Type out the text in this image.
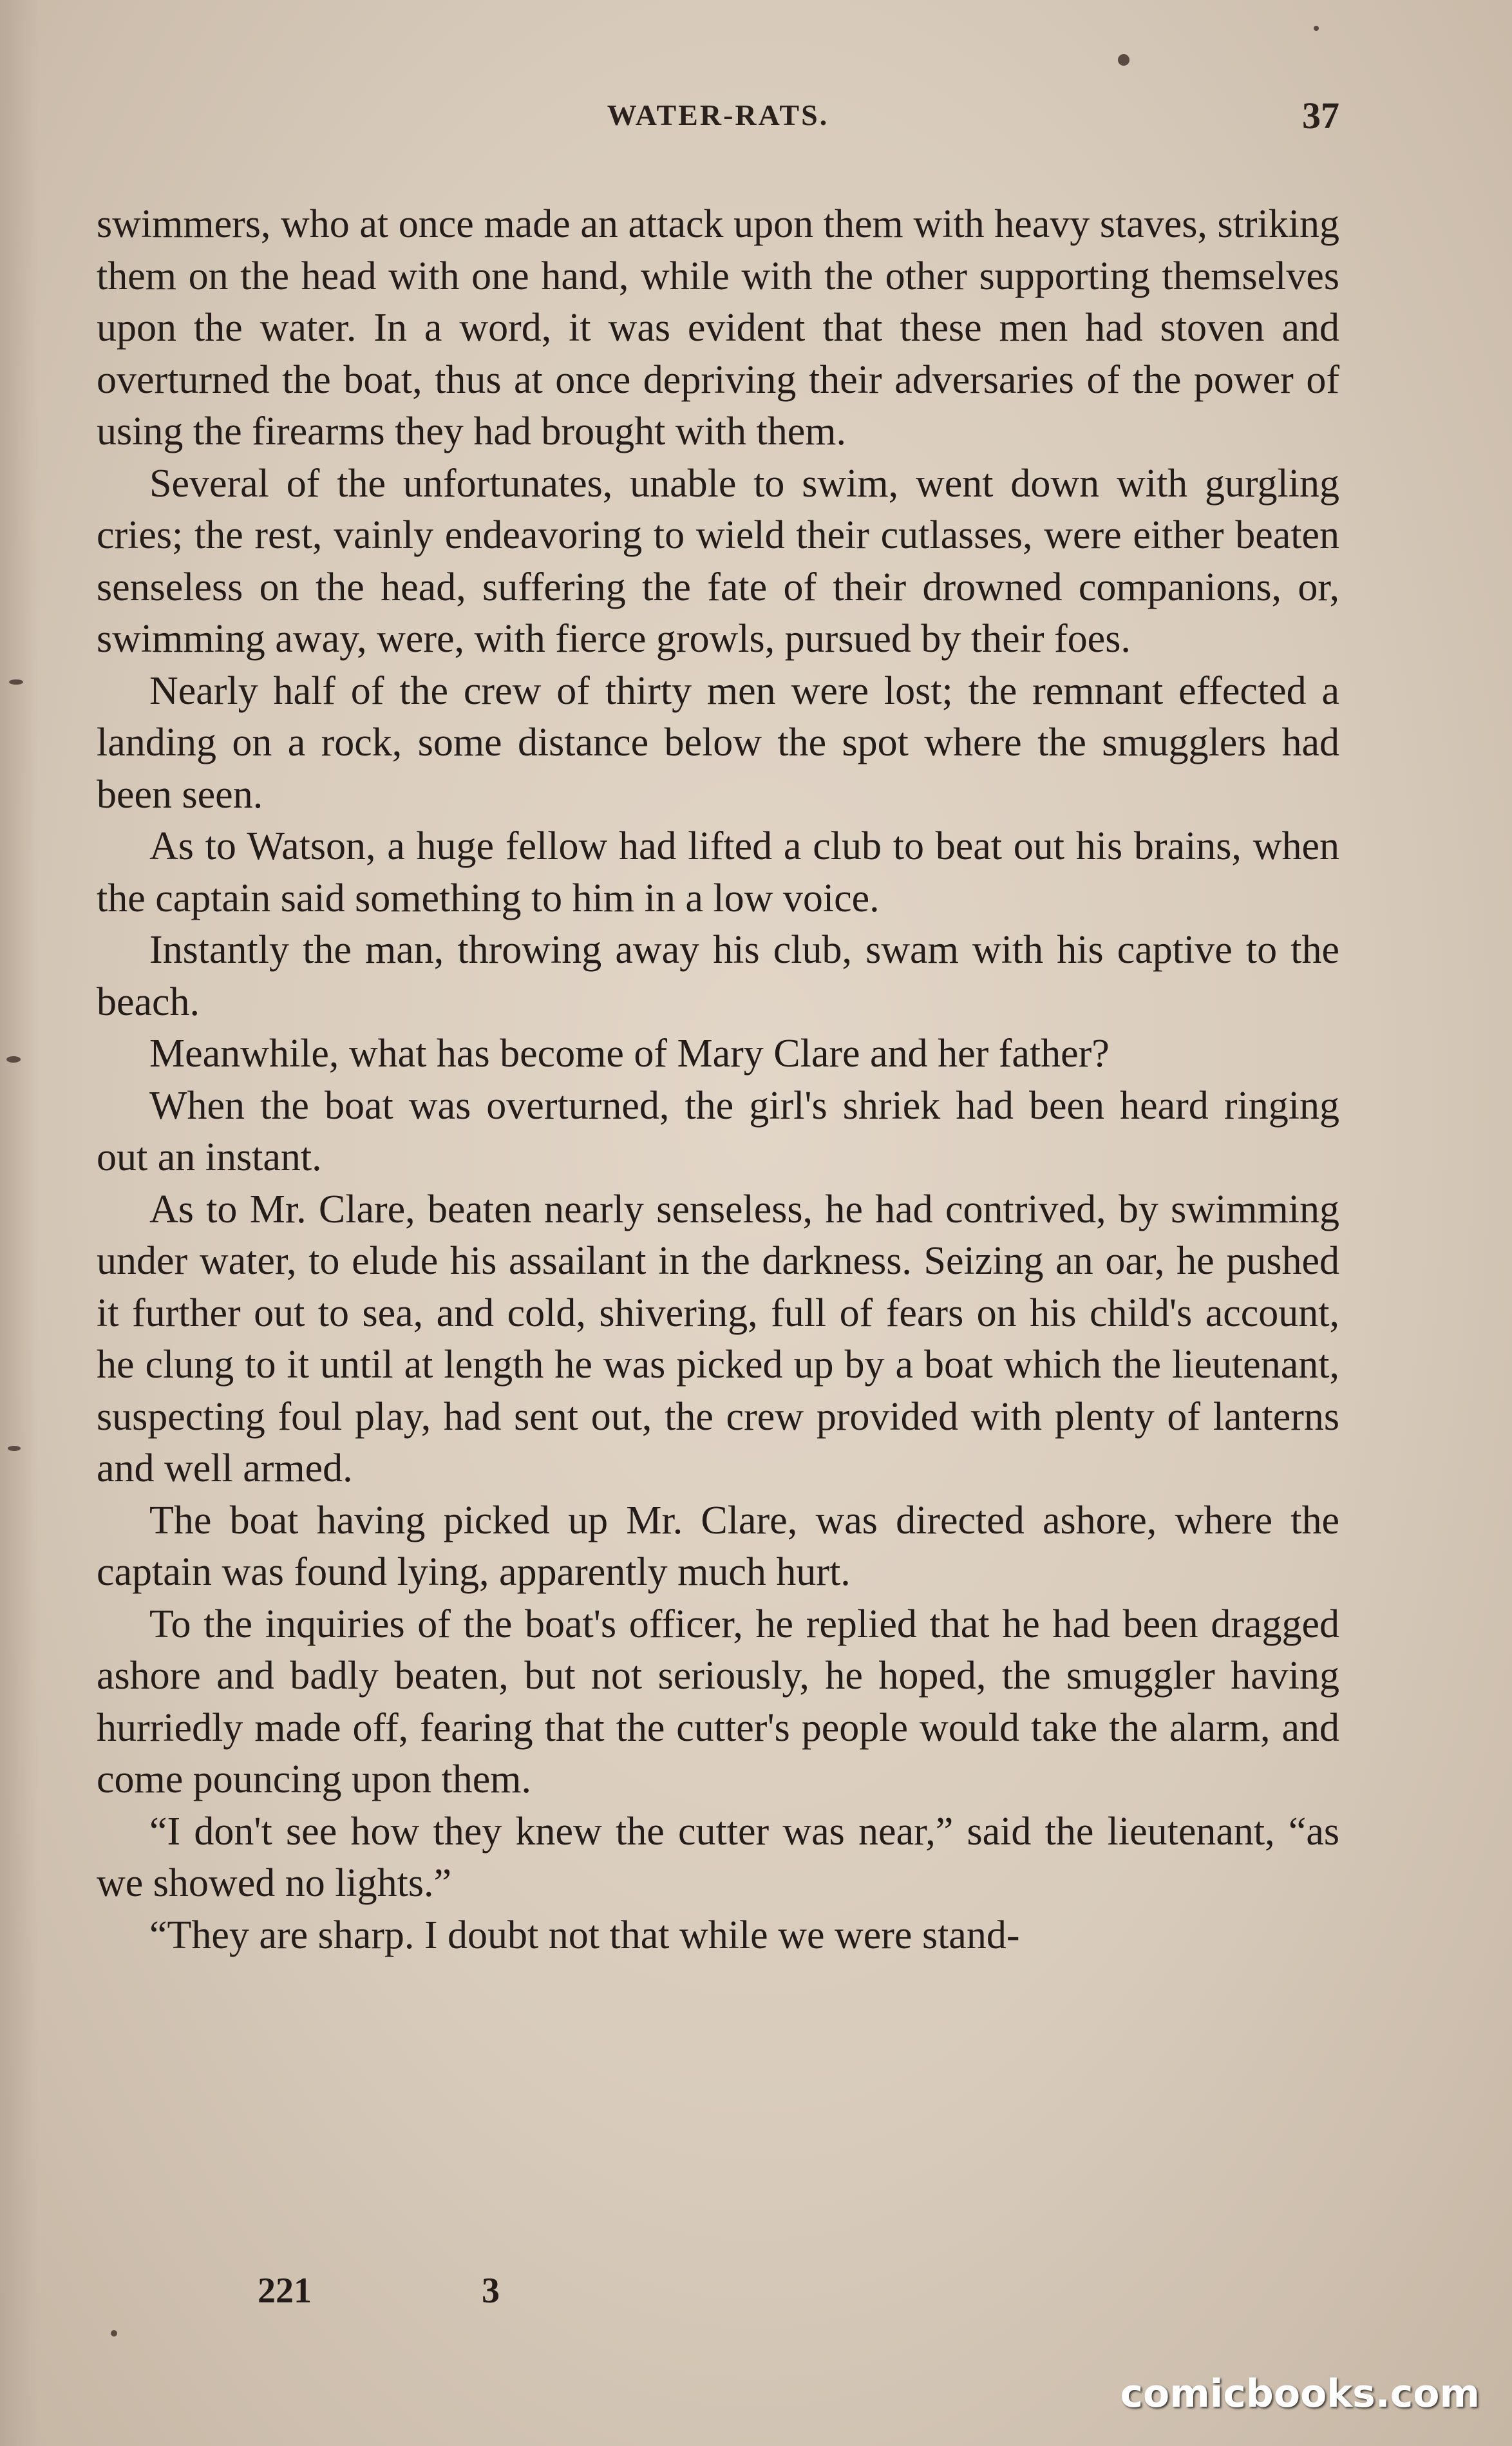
WATER-RATS.	37

swimmers, who at once made an attack upon them with heavy staves, striking them on the head with one hand, while with the other supporting themselves upon the water. In a word, it was evident that these men had stoven and overturned the boat, thus at once depriving their adversaries of the power of using the firearms they had brought with them.

Several of the unfortunates, unable to swim, went down with gurgling cries; the rest, vainly endeavoring to wield their cutlasses, were either beaten senseless on the head, suffering the fate of their drowned companions, or, swimming away, were, with fierce growls, pursued by their foes.

Nearly half of the crew of thirty men were lost; the remnant effected a landing on a rock, some distance below the spot where the smugglers had been seen.

As to Watson, a huge fellow had lifted a club to beat out his brains, when the captain said something to him in a low voice.

Instantly the man, throwing away his club, swam with his captive to the beach.

Meanwhile, what has become of Mary Clare and her father?

When the boat was overturned, the girl's shriek had been heard ringing out an instant.

As to Mr. Clare, beaten nearly senseless, he had contrived, by swimming under water, to elude his assailant in the darkness. Seizing an oar, he pushed it further out to sea, and cold, shivering, full of fears on his child's account, he clung to it until at length he was picked up by a boat which the lieutenant, suspecting foul play, had sent out, the crew provided with plenty of lanterns and well armed.

The boat having picked up Mr. Clare, was directed ashore, where the captain was found lying, apparently much hurt.

To the inquiries of the boat's officer, he replied that he had been dragged ashore and badly beaten, but not seriously, he hoped, the smuggler having hurriedly made off, fearing that the cutter's people would take the alarm, and come pouncing upon them.

“I don't see how they knew the cutter was near,” said the lieutenant, “as we showed no lights.”

“They are sharp. I doubt not that while we were stand-

221	3
comicbooks.com
